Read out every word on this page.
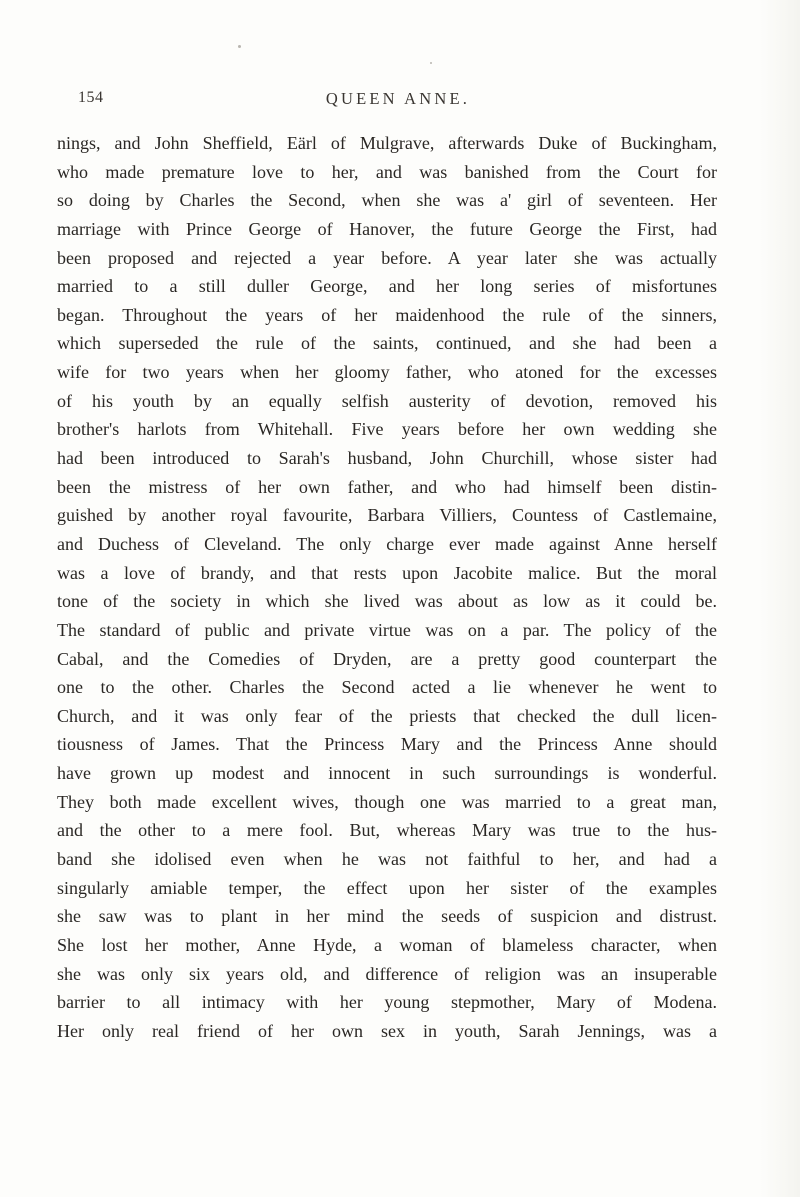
154	QUEEN ANNE.
nings, and John Sheffield, Eärl of Mulgrave, afterwards Duke of Buckingham,
who made premature love to her, and was banished from the Court for
so doing by Charles the Second, when she was a' girl of seventeen. Her
marriage with Prince George of Hanover, the future George the First, had
been proposed and rejected a year before. A year later she was actually
married to a still duller George, and her long series of misfortunes
began. Throughout the years of her maidenhood the rule of the sinners,
which superseded the rule of the saints, continued, and she had been a
wife for two years when her gloomy father, who atoned for the excesses
of his youth by an equally selfish austerity of devotion, removed his
brother's harlots from Whitehall. Five years before her own wedding she
had been introduced to Sarah's husband, John Churchill, whose sister had
been the mistress of her own father, and who had himself been distin-
guished by another royal favourite, Barbara Villiers, Countess of Castlemaine,
and Duchess of Cleveland. The only charge ever made against Anne herself
was a love of brandy, and that rests upon Jacobite malice. But the moral
tone of the society in which she lived was about as low as it could be.
The standard of public and private virtue was on a par. The policy of the
Cabal, and the Comedies of Dryden, are a pretty good counterpart the
one to the other. Charles the Second acted a lie whenever he went to
Church, and it was only fear of the priests that checked the dull licen-
tiousness of James. That the Princess Mary and the Princess Anne should
have grown up modest and innocent in such surroundings is wonderful.
They both made excellent wives, though one was married to a great man,
and the other to a mere fool. But, whereas Mary was true to the hus-
band she idolised even when he was not faithful to her, and had a
singularly amiable temper, the effect upon her sister of the examples
she saw was to plant in her mind the seeds of suspicion and distrust.
She lost her mother, Anne Hyde, a woman of blameless character, when
she was only six years old, and difference of religion was an insuperable
barrier to all intimacy with her young stepmother, Mary of Modena.
Her only real friend of her own sex in youth, Sarah Jennings, was a
